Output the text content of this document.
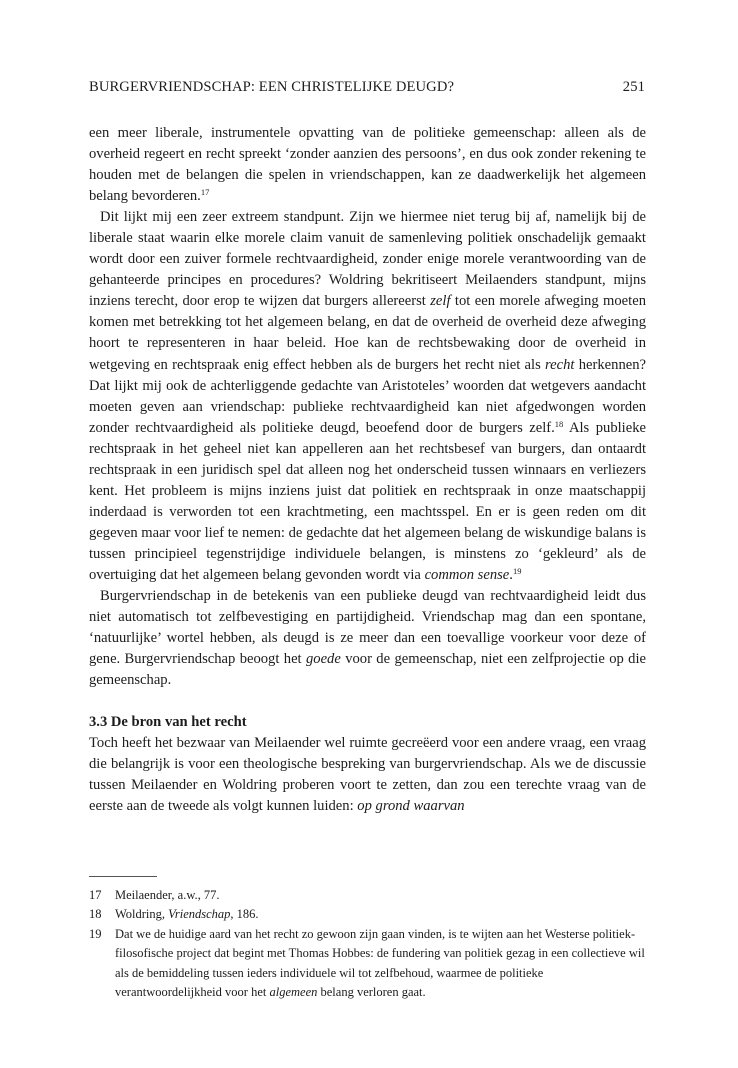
BURGERVRIENDSCHAP: EEN CHRISTELIJKE DEUGD?	251

een meer liberale, instrumentele opvatting van de politieke gemeenschap: alleen als de overheid regeert en recht spreekt ‘zonder aanzien des persoons’, en dus ook zonder rekening te houden met de belangen die spelen in vriendschappen, kan ze daadwerkelijk het algemeen belang bevorderen.$^{17}$

Dit lijkt mij een zeer extreem standpunt. Zijn we hiermee niet terug bij af, namelijk bij de liberale staat waarin elke morele claim vanuit de samenleving politiek onschadelijk gemaakt wordt door een zuiver formele rechtvaardigheid, zonder enige morele verantwoording van de gehanteerde principes en procedures? Woldring bekritiseert Meilaenders standpunt, mijns inziens terecht, door erop te wijzen dat burgers allereerst zelf tot een morele afweging moeten komen met betrekking tot het algemeen belang, en dat de overheid de overheid deze afweging hoort te representeren in haar beleid. Hoe kan de rechtsbewaking door de overheid in wetgeving en rechtspraak enig effect hebben als de burgers het recht niet als recht herkennen? Dat lijkt mij ook de achterliggende gedachte van Aristoteles’ woorden dat wetgevers aandacht moeten geven aan vriendschap: publieke rechtvaardigheid kan niet afgedwongen worden zonder rechtvaardigheid als politieke deugd, beoefend door de burgers zelf.$^{18}$ Als publieke rechtspraak in het geheel niet kan appelleren aan het rechtsbesef van burgers, dan ontaardt rechtspraak in een juridisch spel dat alleen nog het onderscheid tussen winnaars en verliezers kent. Het probleem is mijns inziens juist dat politiek en rechtspraak in onze maatschappij inderdaad is verworden tot een krachtmeting, een machtsspel. En er is geen reden om dit gegeven maar voor lief te nemen: de gedachte dat het algemeen belang de wiskundige balans is tussen principieel tegenstrijdige individuele belangen, is minstens zo ‘gekleurd’ als de overtuiging dat het algemeen belang gevonden wordt via common sense.$^{19}$

Burgervriendschap in de betekenis van een publieke deugd van rechtvaardigheid leidt dus niet automatisch tot zelfbevestiging en partijdigheid. Vriendschap mag dan een spontane, ‘natuurlijke’ wortel hebben, als deugd is ze meer dan een toevallige voorkeur voor deze of gene. Burgervriendschap beoogt het goede voor de gemeenschap, niet een zelfprojectie op die gemeenschap.

3.3 De bron van het recht

Toch heeft het bezwaar van Meilaender wel ruimte gecreëerd voor een andere vraag, een vraag die belangrijk is voor een theologische bespreking van burgervriendschap. Als we de discussie tussen Meilaender en Woldring proberen voort te zetten, dan zou een terechte vraag van de eerste aan de tweede als volgt kunnen luiden: op grond waarvan

17	Meilaender, a.w., 77.
18	Woldring, Vriendschap, 186.
19	Dat we de huidige aard van het recht zo gewoon zijn gaan vinden, is te wijten aan het Westerse politiek-filosofische project dat begint met Thomas Hobbes: de fundering van politiek gezag in een collectieve wil als de bemiddeling tussen ieders individuele wil tot zelfbehoud, waarmee de politieke verantwoordelijkheid voor het algemeen belang verloren gaat.
